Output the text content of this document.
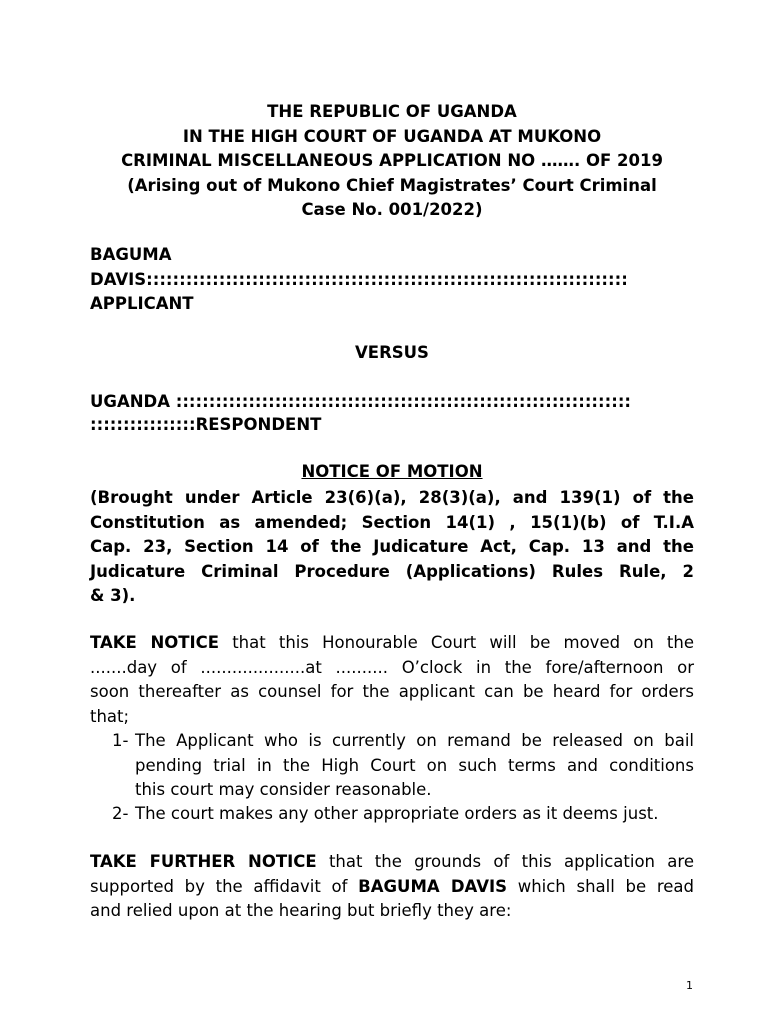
THE REPUBLIC OF UGANDA
IN THE HIGH COURT OF UGANDA AT MUKONO
CRIMINAL MISCELLANEOUS APPLICATION NO ……. OF 2019
(Arising out of Mukono Chief Magistrates’ Court Criminal
Case No. 001/2022)
BAGUMA
DAVIS:::::::::::::::::::::::::::::::::::::::::::::::::::::::::::::::::::::::::
APPLICANT
VERSUS
UGANDA :::::::::::::::::::::::::::::::::::::::::::::::::::::::::::::::::::::
::::::::::::::::RESPONDENT
NOTICE OF MOTION
(Brought under Article 23(6)(a), 28(3)(a), and 139(1) of the
Constitution as amended; Section 14(1) , 15(1)(b) of T.I.A
Cap. 23, Section 14 of the Judicature Act, Cap. 13 and the
Judicature Criminal Procedure (Applications) Rules Rule, 2
& 3).
TAKE NOTICE that this Honourable Court will be moved on the
.......day of ....................at .......... O’clock in the fore/afternoon or
soon thereafter as counsel for the applicant can be heard for orders
that;
1- The Applicant who is currently on remand be released on bail
pending trial in the High Court on such terms and conditions
this court may consider reasonable.
2- The court makes any other appropriate orders as it deems just.
TAKE FURTHER NOTICE that the grounds of this application are
supported by the affidavit of BAGUMA DAVIS which shall be read
and relied upon at the hearing but briefly they are:
1
